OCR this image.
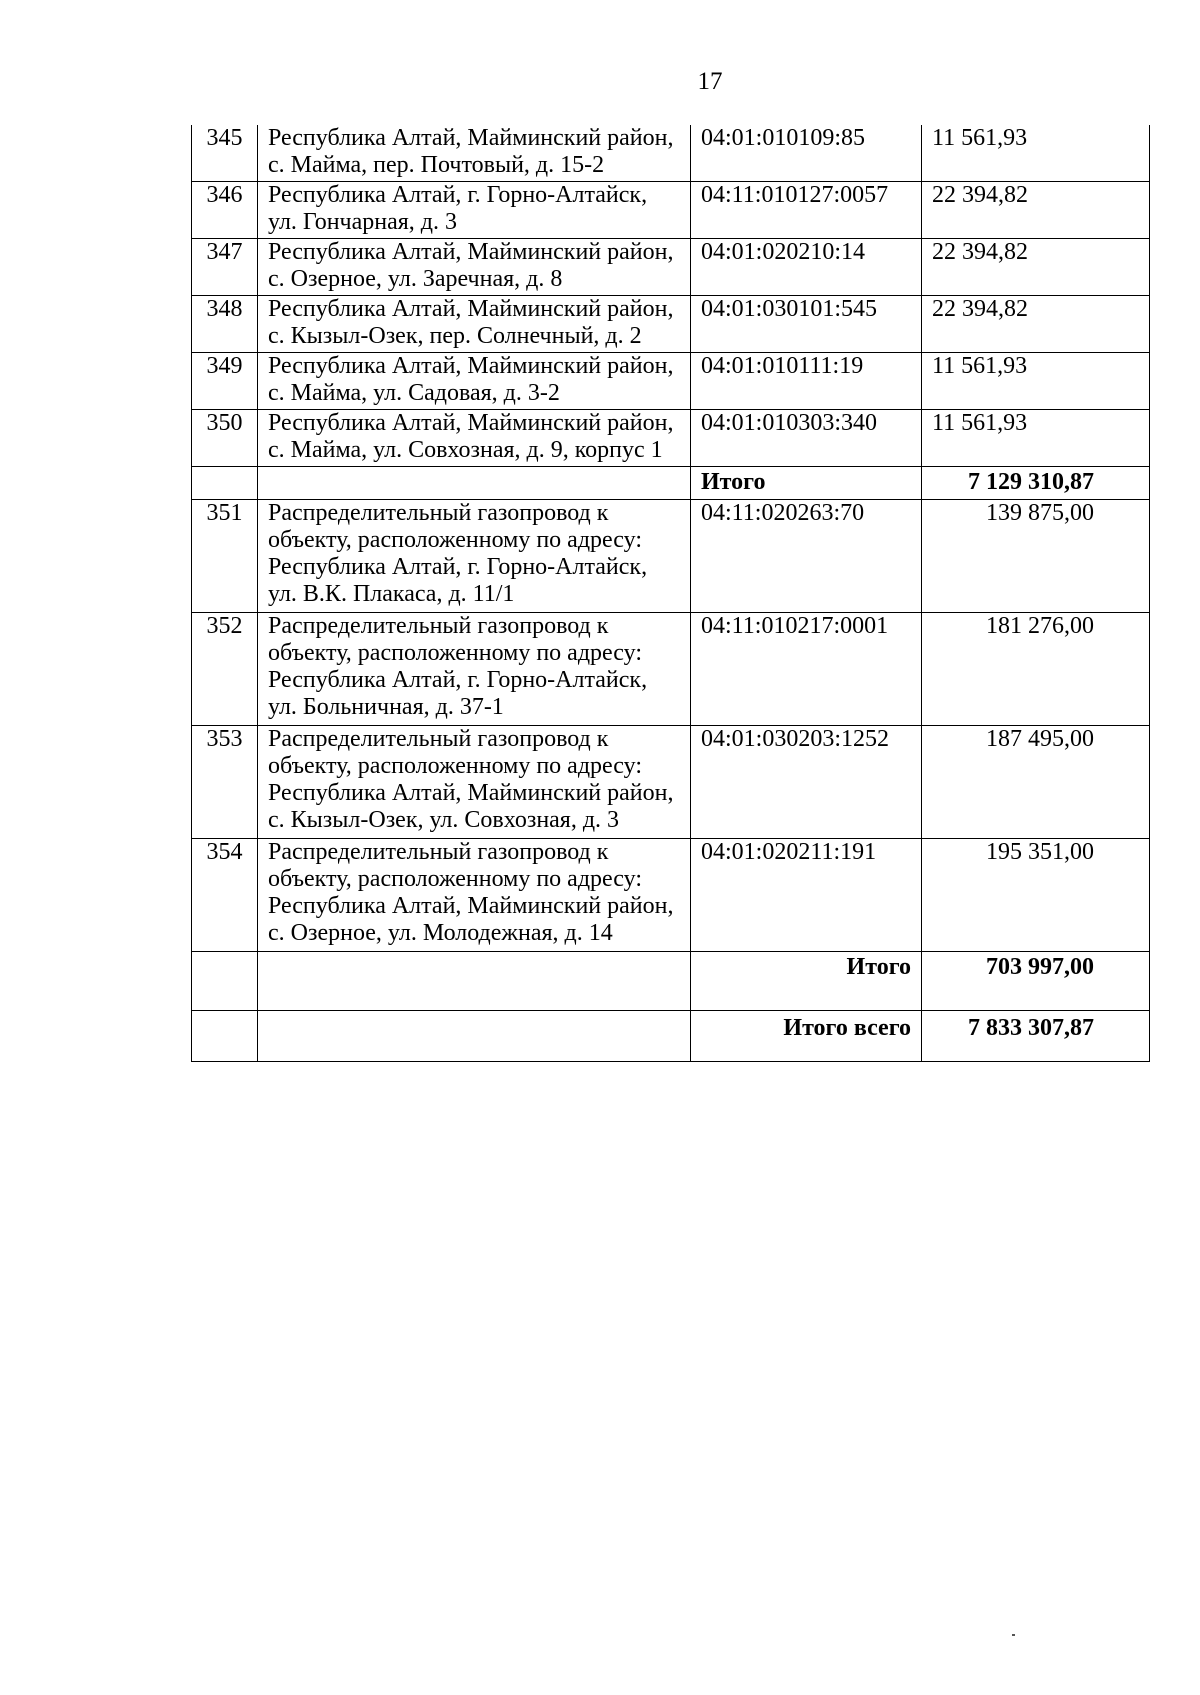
17
345	Республика Алтай, Майминский район,
с. Майма, пер. Почтовый, д. 15-2	04:01:010109:85	11 561,93
346	Республика Алтай, г. Горно-Алтайск,
ул. Гончарная, д. 3	04:11:010127:0057	22 394,82
347	Республика Алтай, Майминский район,
с. Озерное, ул. Заречная, д. 8	04:01:020210:14	22 394,82
348	Республика Алтай, Майминский район,
с. Кызыл-Озек, пер. Солнечный, д. 2	04:01:030101:545	22 394,82
349	Республика Алтай, Майминский район,
с. Майма, ул. Садовая, д. 3-2	04:01:010111:19	11 561,93
350	Республика Алтай, Майминский район,
с. Майма, ул. Совхозная, д. 9, корпус 1	04:01:010303:340	11 561,93
		Итого	7 129 310,87
351	Распределительный газопровод к
объекту, расположенному по адресу:
Республика Алтай, г. Горно-Алтайск,
ул. В.К. Плакаса, д. 11/1	04:11:020263:70	139 875,00
352	Распределительный газопровод к
объекту, расположенному по адресу:
Республика Алтай, г. Горно-Алтайск,
ул. Больничная, д. 37-1	04:11:010217:0001	181 276,00
353	Распределительный газопровод к
объекту, расположенному по адресу:
Республика Алтай, Майминский район,
с. Кызыл-Озек, ул. Совхозная, д. 3	04:01:030203:1252	187 495,00
354	Распределительный газопровод к
объекту, расположенному по адресу:
Республика Алтай, Майминский район,
с. Озерное, ул. Молодежная, д. 14	04:01:020211:191	195 351,00
		Итого	703 997,00
		Итого всего	7 833 307,87
